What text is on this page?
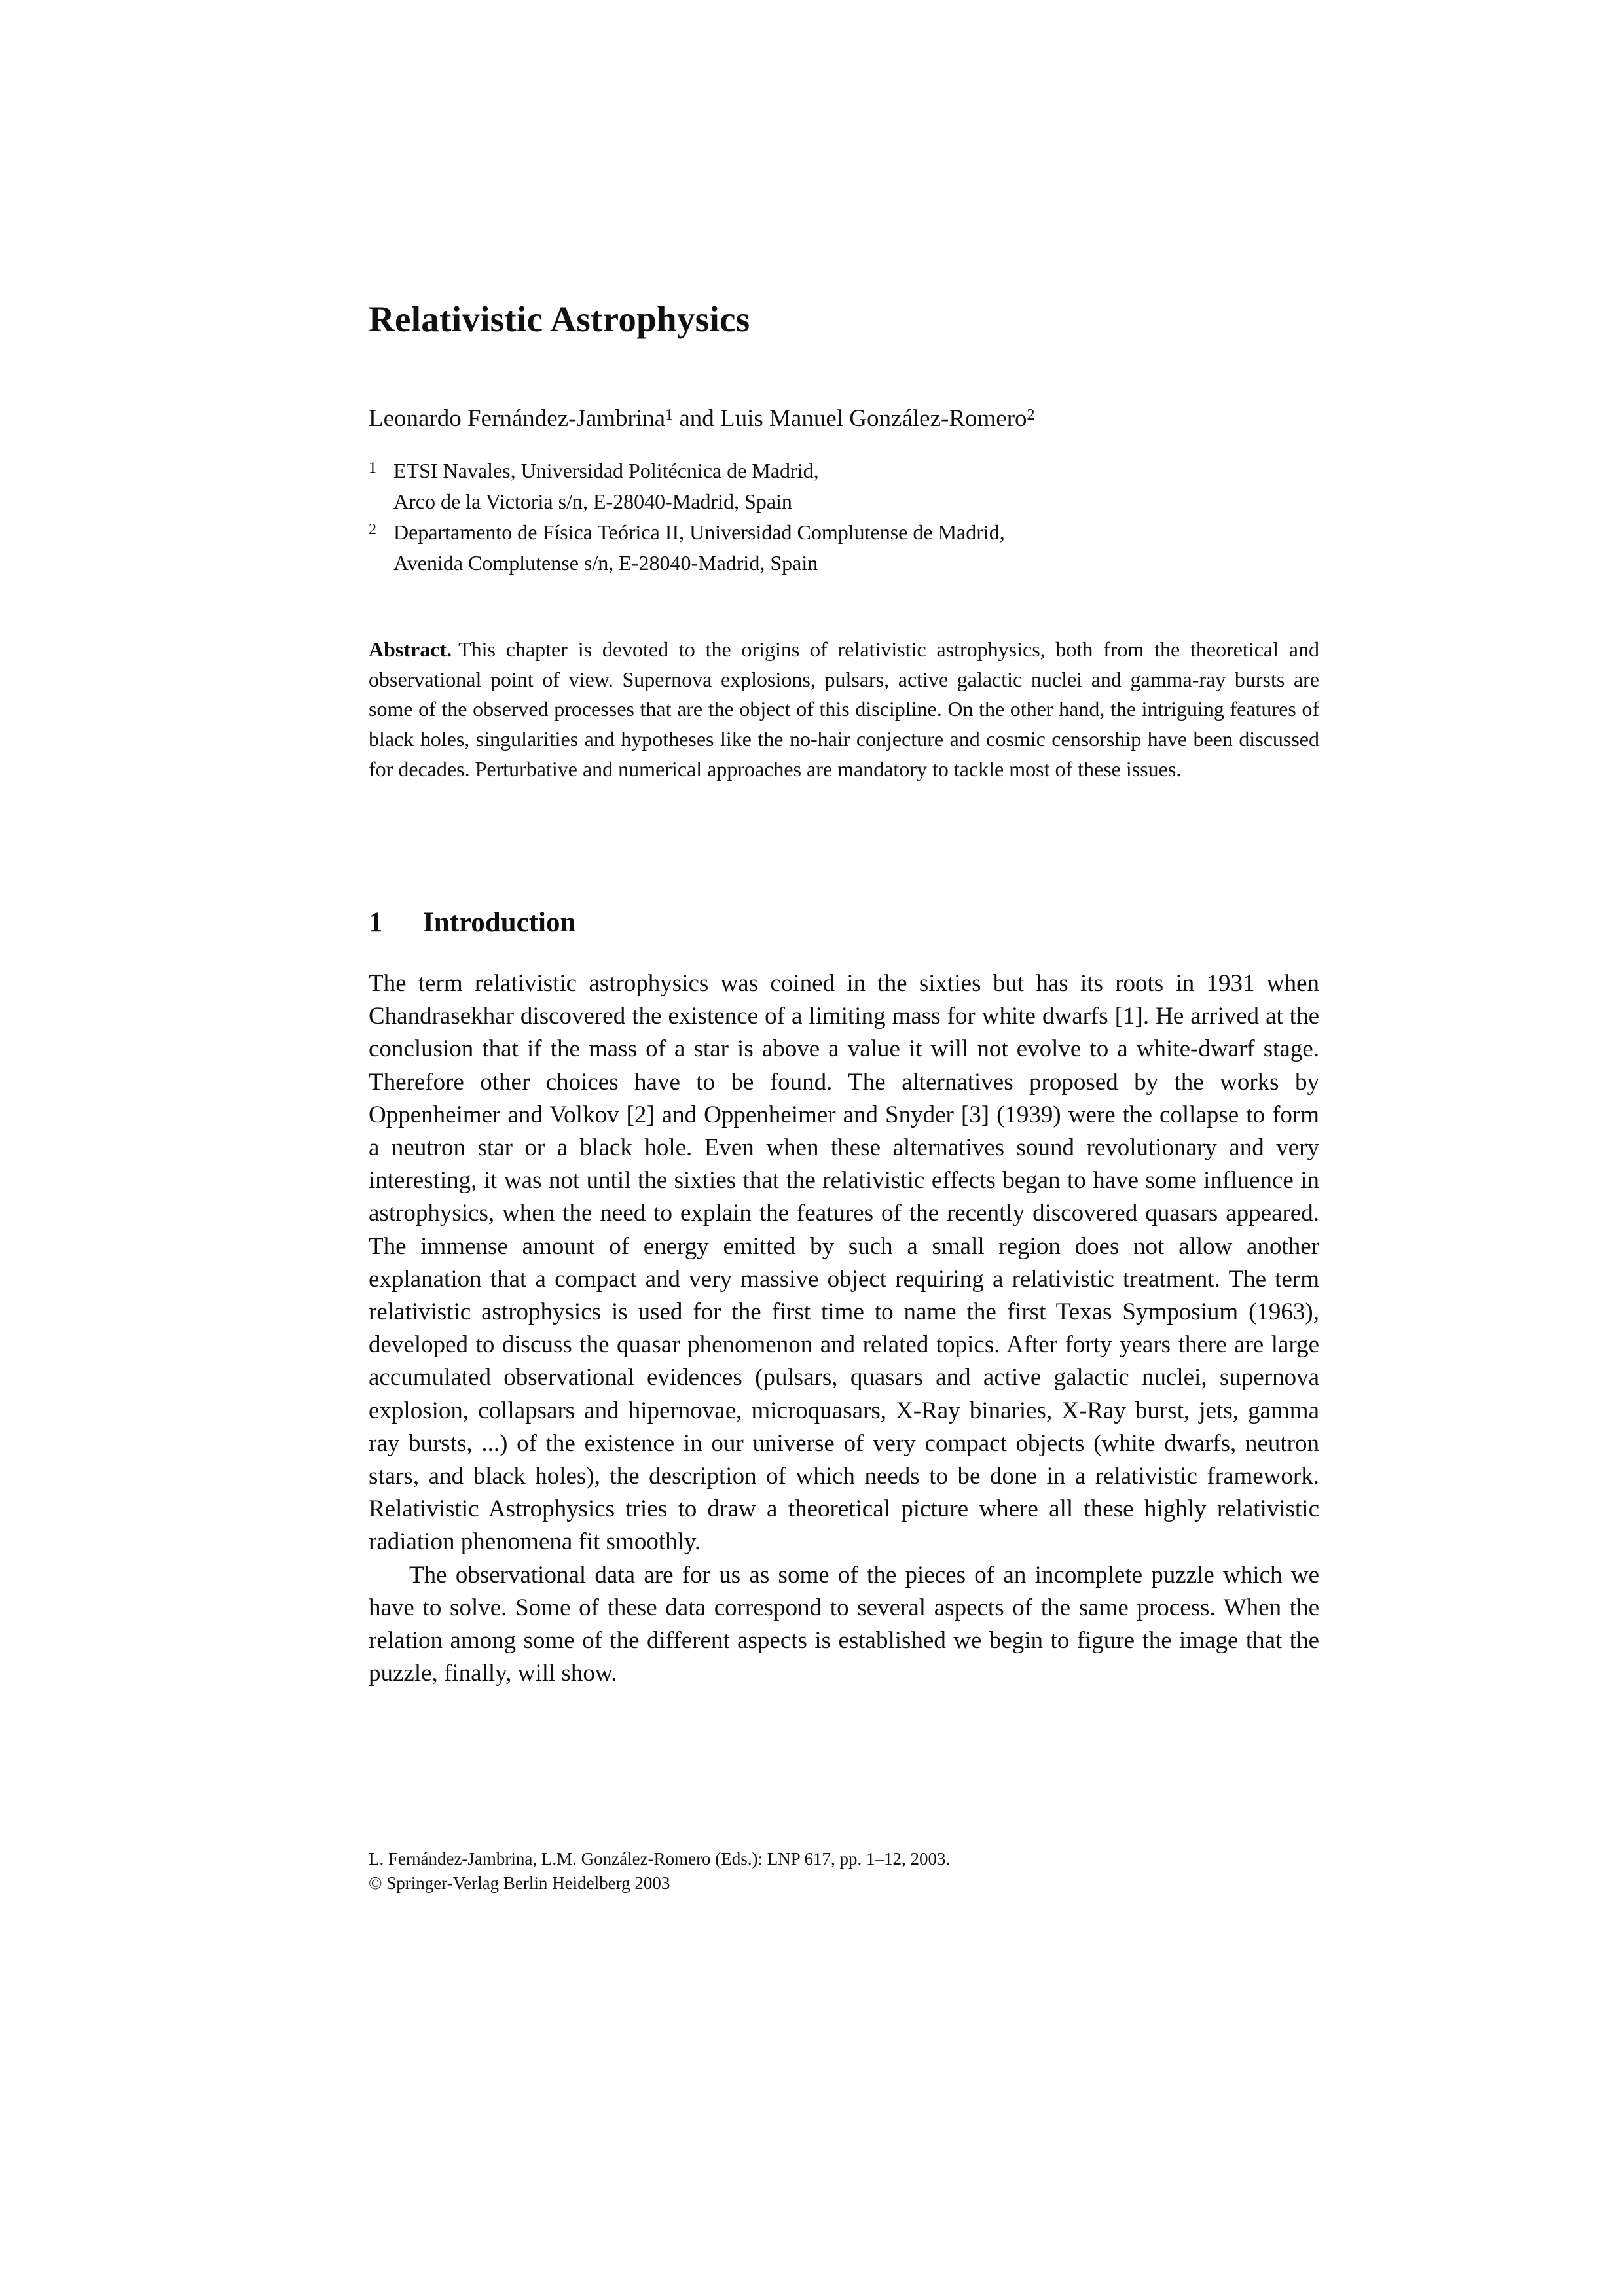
Relativistic Astrophysics
Leonardo Fernández-Jambrina$^1$ and Luis Manuel González-Romero$^2$
1 ETSI Navales, Universidad Politécnica de Madrid,
Arco de la Victoria s/n, E-28040-Madrid, Spain
2 Departamento de Física Teórica II, Universidad Complutense de Madrid,
Avenida Complutense s/n, E-28040-Madrid, Spain
Abstract. This chapter is devoted to the origins of relativistic astrophysics, both from the theoretical and observational point of view. Supernova explosions, pulsars, active galactic nuclei and gamma-ray bursts are some of the observed processes that are the object of this discipline. On the other hand, the intriguing features of black holes, singularities and hypotheses like the no-hair conjecture and cosmic censorship have been discussed for decades. Perturbative and numerical approaches are mandatory to tackle most of these issues.
1 Introduction

The term relativistic astrophysics was coined in the sixties but has its roots in 1931 when Chandrasekhar discovered the existence of a limiting mass for white dwarfs [1]. He arrived at the conclusion that if the mass of a star is above a value it will not evolve to a white-dwarf stage. Therefore other choices have to be found. The alternatives proposed by the works by Oppenheimer and Volkov [2] and Oppenheimer and Snyder [3] (1939) were the collapse to form a neutron star or a black hole. Even when these alternatives sound revolutionary and very interesting, it was not until the sixties that the relativistic effects began to have some influence in astrophysics, when the need to explain the features of the recently discovered quasars appeared. The immense amount of energy emitted by such a small region does not allow another explanation that a compact and very massive object requiring a relativistic treatment. The term relativistic astrophysics is used for the first time to name the first Texas Symposium (1963), developed to discuss the quasar phenomenon and related topics. After forty years there are large accumulated observational evidences (pulsars, quasars and active galactic nuclei, supernova explosion, collapsars and hipernovae, microquasars, X-Ray binaries, X-Ray burst, jets, gamma ray bursts, ...) of the existence in our universe of very compact objects (white dwarfs, neutron stars, and black holes), the description of which needs to be done in a relativistic framework. Relativistic Astrophysics tries to draw a theoretical picture where all these highly relativistic radiation phenomena fit smoothly.

The observational data are for us as some of the pieces of an incomplete puzzle which we have to solve. Some of these data correspond to several aspects of the same process. When the relation among some of the different aspects is established we begin to figure the image that the puzzle, finally, will show.

L. Fernández-Jambrina, L.M. González-Romero (Eds.): LNP 617, pp. 1–12, 2003.
© Springer-Verlag Berlin Heidelberg 2003
